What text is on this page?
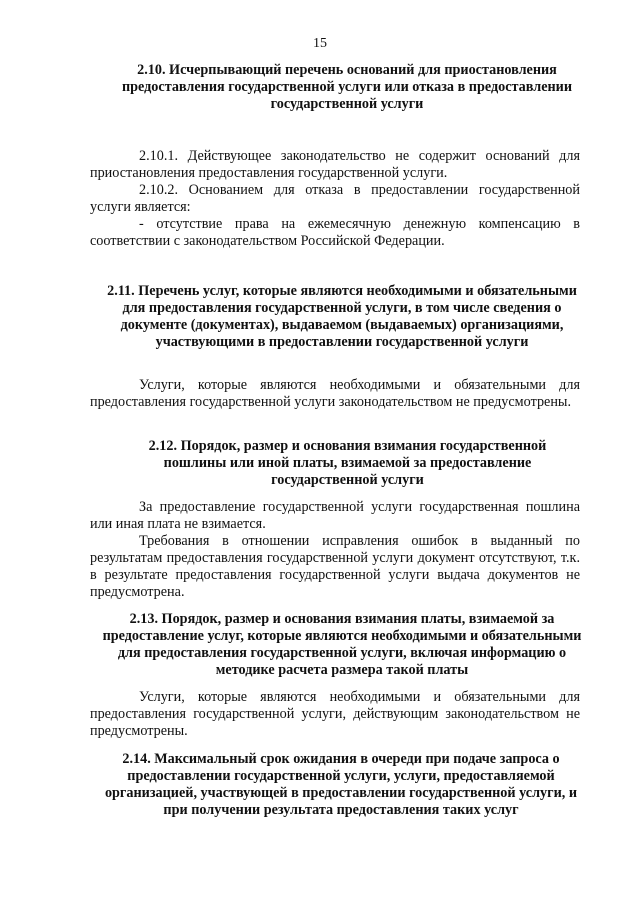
15
2.10. Исчерпывающий перечень оснований для приостановления предоставления государственной услуги или отказа в предоставлении государственной услуги
2.10.1. Действующее законодательство не содержит оснований для приостановления предоставления государственной услуги.
2.10.2. Основанием для отказа в предоставлении государственной услуги является:
- отсутствие права на ежемесячную денежную компенсацию в соответствии с законодательством Российской Федерации.
2.11. Перечень услуг, которые являются необходимыми и обязательными для предоставления государственной услуги, в том числе сведения о документе (документах), выдаваемом (выдаваемых) организациями, участвующими в предоставлении государственной услуги
Услуги, которые являются необходимыми и обязательными для предоставления государственной услуги законодательством не предусмотрены.
2.12. Порядок, размер и основания взимания государственной пошлины или иной платы, взимаемой за предоставление государственной услуги
За предоставление государственной услуги государственная пошлина или иная плата не взимается.
Требования в отношении исправления ошибок в выданный по результатам предоставления государственной услуги документ отсутствуют, т.к. в результате предоставления государственной услуги выдача документов не предусмотрена.
2.13. Порядок, размер и основания взимания платы, взимаемой за предоставление услуг, которые являются необходимыми и обязательными для предоставления государственной услуги, включая информацию о методике расчета размера такой платы
Услуги, которые являются необходимыми и обязательными для предоставления государственной услуги, действующим законодательством не предусмотрены.
2.14. Максимальный срок ожидания в очереди при подаче запроса о предоставлении государственной услуги, услуги, предоставляемой организацией, участвующей в предоставлении государственной услуги, и при получении результата предоставления таких услуг
